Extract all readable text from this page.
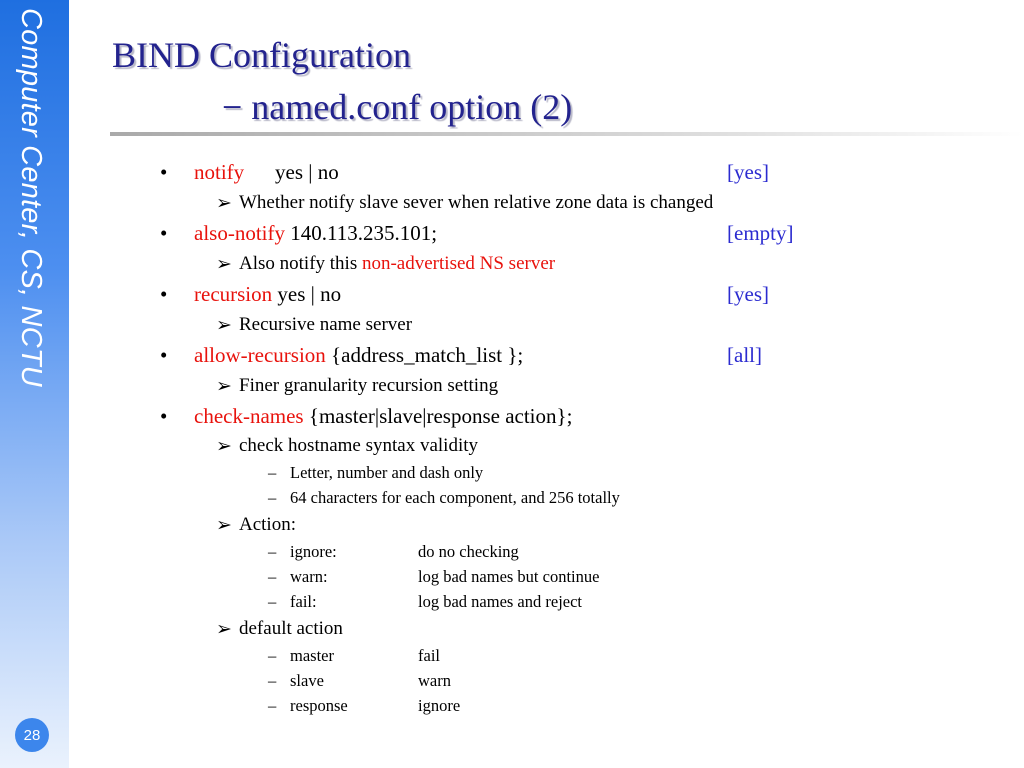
Computer Center, CS, NCTU
28
BIND Configuration
− named.conf option (2)
• notify yes | no	[yes]
➢ Whether notify slave sever when relative zone data is changed
• also-notify 140.113.235.101;	[empty]
➢ Also notify this non-advertised NS server
• recursion yes | no	[yes]
➢ Recursive name server
• allow-recursion {address_match_list };	[all]
➢ Finer granularity recursion setting
• check-names {master|slave|response action};
➢ check hostname syntax validity
– Letter, number and dash only
– 64 characters for each component, and 256 totally
➢ Action:
– ignore:	do no checking
– warn:	log bad names but continue
– fail:	log bad names and reject
➢ default action
– master	fail
– slave	warn
– response	ignore
